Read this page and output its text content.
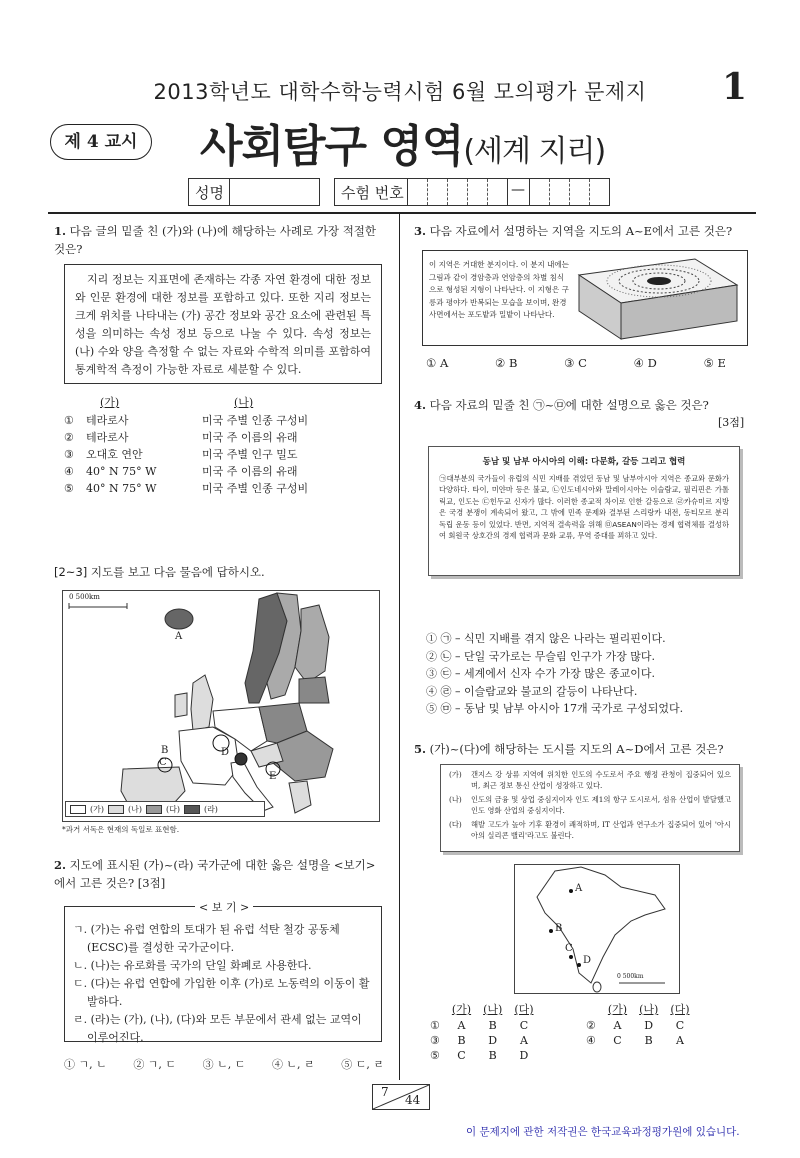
2013학년도 대학수학능력시험 6월 모의평가 문제지	1
제 4 교시	사회탐구 영역(세계 지리)
성명	수험 번호	—
1. 다음 글의 밑줄 친 (가)와 (나)에 해당하는 사례로 가장 적절한 것은?
지리 정보는 지표면에 존재하는 각종 자연 환경에 대한 정보와 인문 환경에 대한 정보를 포함하고 있다. 또한 지리 정보는 크게 위치를 나타내는 (가) 공간 정보와 공간 요소에 관련된 특성을 의미하는 속성 정보 등으로 나눌 수 있다. 속성 정보는 (나) 수와 양을 측정할 수 없는 자료와 수학적 의미를 포함하여 통계학적 측정이 가능한 자료로 세분할 수 있다.
(가)	(나)
①	테라로사	미국 주별 인종 구성비
②	테라로사	미국 주 이름의 유래
③	오대호 연안	미국 주별 인구 밀도
④	40° N 75° W	미국 주 이름의 유래
⑤	40° N 75° W	미국 주별 인종 구성비
[2~3] 지도를 보고 다음 물음에 답하시오.
0 500km
A
B
C
D
E
(가)	(나)	(다)	(라)
*과거 서독은 현재의 독일로 표현함.
2. 지도에 표시된 (가)~(라) 국가군에 대한 옳은 설명을 <보기> 에서 고른 것은? [3점]
< 보 기 >
ㄱ. (가)는 유럽 연합의 토대가 된 유럽 석탄 철강 공동체 (ECSC)를 결성한 국가군이다.
ㄴ. (나)는 유로화를 국가의 단일 화폐로 사용한다.
ㄷ. (다)는 유럽 연합에 가입한 이후 (가)로 노동력의 이동이 활발하다.
ㄹ. (라)는 (가), (나), (다)와 모든 부문에서 관세 없는 교역이 이루어진다.
① ㄱ, ㄴ ② ㄱ, ㄷ ③ ㄴ, ㄷ ④ ㄴ, ㄹ ⑤ ㄷ, ㄹ
3. 다음 자료에서 설명하는 지역을 지도의 A~E에서 고른 것은?
이 지역은 거대한 분지이다. 이 분지 내에는 그림과 같이 경암층과 연암층의 차별 침식으로 형성된 지형이 나타난다. 이 지형은 구릉과 평야가 반복되는 모습을 보이며, 완경사면에서는 포도밭과 밀밭이 나타난다.
① A	② B	③ C	④ D	⑤ E
4. 다음 자료의 밑줄 친 ㉠~㉤에 대한 설명으로 옳은 것은?
[3점]
동남 및 남부 아시아의 이해: 다문화, 갈등 그리고 협력
㉠대부분의 국가들이 유럽의 식민 지배를 겪었던 동남 및 남부아시아 지역은 종교와 문화가 다양하다. 타이, 미얀마 등은 불교, ㉡인도네시아와 말레이시아는 이슬람교, 필리핀은 가톨릭교, 인도는 ㉢힌두교 신자가 많다. 이러한 종교적 차이로 인한 갈등으로 ㉣카슈미르 지방은 국경 분쟁이 계속되어 왔고, 그 밖에 민족 문제와 결부된 스리랑카 내전, 동티모르 분리 독립 운동 등이 있었다. 반면, 지역적 결속력을 위해 ㉤ASEAN이라는 경제 협력체를 결성하여 회원국 상호간의 경제 협력과 문화 교류, 무역 증대를 꾀하고 있다.
① ㉠ – 식민 지배를 겪지 않은 나라는 필리핀이다.
② ㉡ – 단일 국가로는 무슬림 인구가 가장 많다.
③ ㉢ – 세계에서 신자 수가 가장 많은 종교이다.
④ ㉣ – 이슬람교와 불교의 갈등이 나타난다.
⑤ ㉤ – 동남 및 남부 아시아 17개 국가로 구성되었다.
5. (가)~(다)에 해당하는 도시를 지도의 A~D에서 고른 것은?
(가)	갠지스 강 상류 지역에 위치한 인도의 수도로서 주요 행정 관청이 집중되어 있으며, 최근 정보 통신 산업이 성장하고 있다.
(나)	인도의 금융 및 상업 중심지이자 인도 제1의 항구 도시로서, 섬유 산업이 발달했고 인도 영화 산업의 중심지이다.
(다)	해발 고도가 높아 기후 환경이 쾌적하며, IT 산업과 연구소가 집중되어 있어 '아시아의 실리콘 밸리'라고도 불린다.
A
B
C
D
0 500km
	(가)	(나)	(다)
①	A	B	C
③	B	D	A
⑤	C	B	D
	(가)	(나)	(다)
②	A	D	C
④	C	B	A
7
44
이 문제지에 관한 저작권은 한국교육과정평가원에 있습니다.
